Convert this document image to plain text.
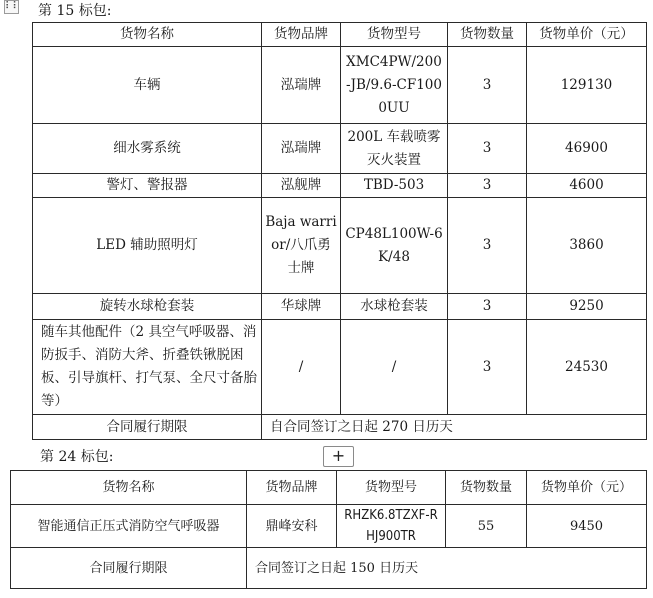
⠇⠇ 第 15 标包:
货物名称	货物品牌	货物型号	货物数量	货物单价（元）
车辆	泓瑞牌	XMC4PW/200-JB/9.6-CF1000UU	3	129130
细水雾系统	泓瑞牌	200L 车载喷雾灭火装置	3	46900
警灯、警报器	泓舰牌	TBD-503	3	4600
LED 辅助照明灯	Baja warrior/八爪勇士牌	CP48L100W-6K/48	3	3860
旋转水球枪套装	华球牌	水球枪套装	3	9250
随车其他配件（2 具空气呼吸器、消防扳手、消防大斧、折叠铁锹脱困板、引导旗杆、打气泵、全尺寸备胎等）	/	/	3	24530
合同履行期限	自合同签订之日起 270 日历天			
第 24 标包:	+
货物名称	货物品牌	货物型号	货物数量	货物单价（元）
智能通信正压式消防空气呼吸器	鼎峰安科	RHZK6.8TZXF-RHJ900TR	55	9450
合同履行期限	合同签订之日起 150 日历天			
